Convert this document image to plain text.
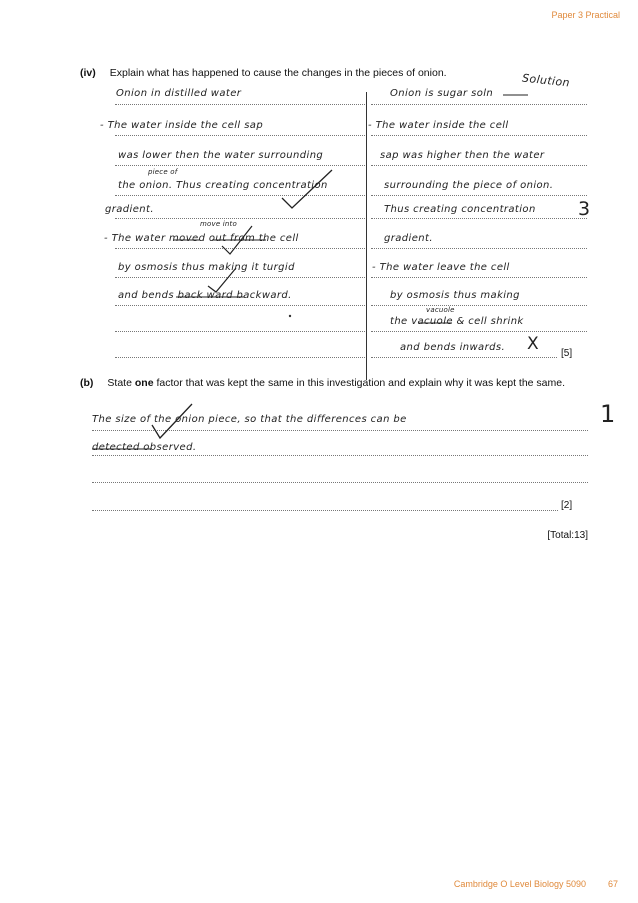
Paper 3 Practical
(iv) Explain what has happened to cause the changes in the pieces of onion.	Solution
Onion in distilled water
- The water inside the cell sap
was lower then the water surrounding
piece of
the onion. Thus creating concentration
gradient.
move into
- The water moved out from the cell
by osmosis thus making it turgid
and bends back ward backward.
Onion is sugar soln
- The water inside the cell
sap was higher then the water
surrounding the piece of onion.
Thus creating concentration
gradient.
- The water leave the cell
by osmosis thus making
vacuole
the vacuole & cell shrink
and bends inwards. X [5]
3
(b) State one factor that was kept the same in this investigation and explain why it was kept the same.
The size of the onion piece, so that the differences can be
detected observed.
1
[2]
[Total:13]
Cambridge O Level Biology 5090 67
